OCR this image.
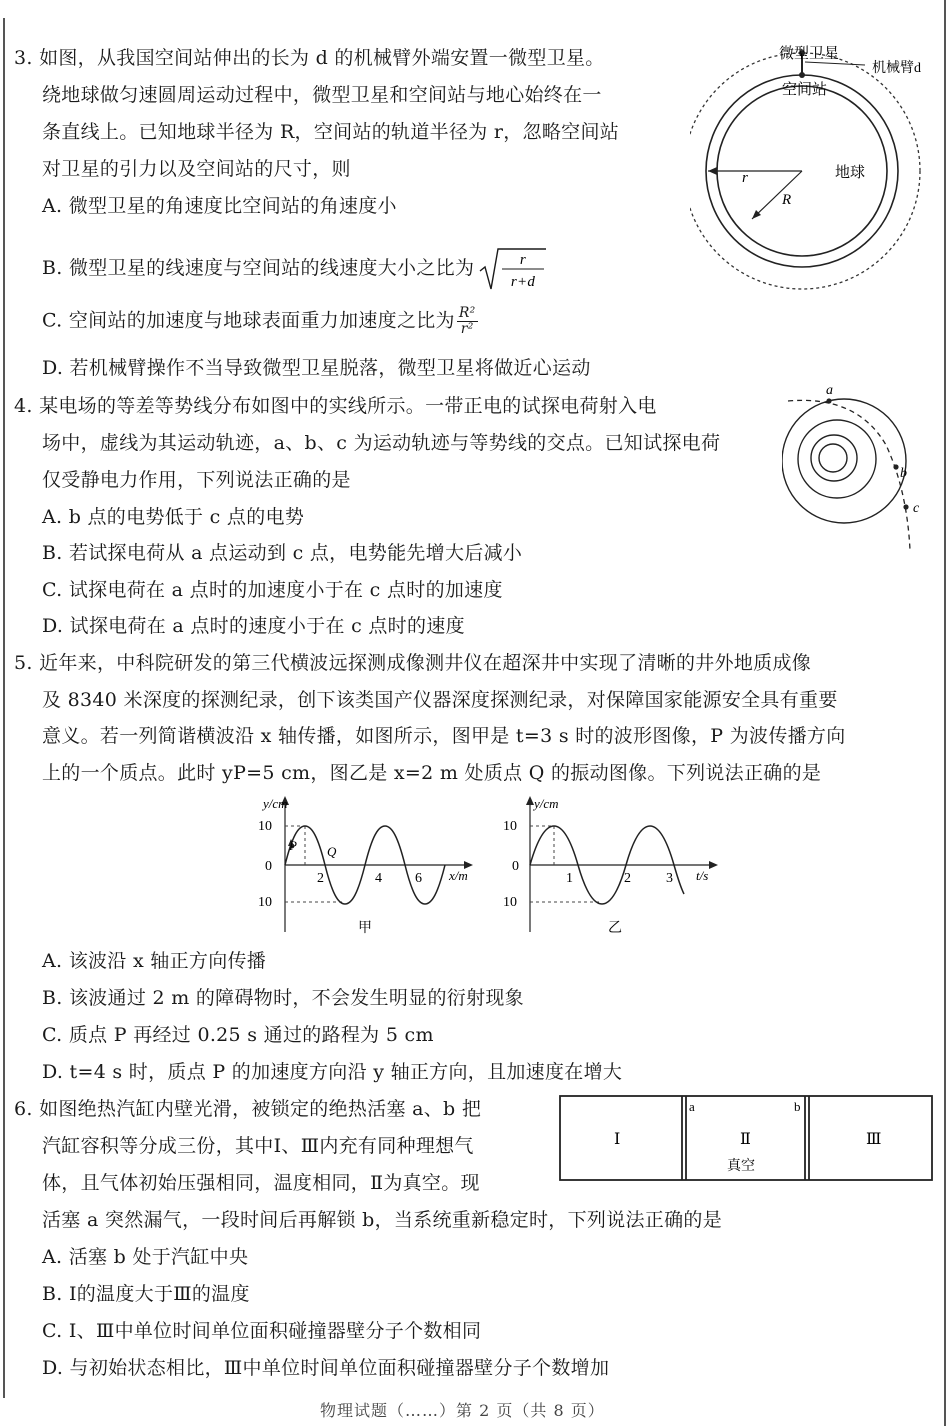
3. 如图，从我国空间站伸出的长为 d 的机械臂外端安置一微型卫星。
绕地球做匀速圆周运动过程中，微型卫星和空间站与地心始终在一
条直线上。已知地球半径为 R，空间站的轨道半径为 r，忽略空间站
对卫星的引力以及空间站的尺寸，则
A. 微型卫星的角速度比空间站的角速度小
B. 微型卫星的线速度与空间站的线速度大小之比为	r
r+d
C. 空间站的加速度与地球表面重力加速度之比为 $\frac{\text{R²}}{\text{r²}}$
D. 若机械臂操作不当导致微型卫星脱落，微型卫星将做近心运动
微型卫星
机械臂d
空间站
地球
r
R
4. 某电场的等差等势线分布如图中的实线所示。一带正电的试探电荷射入电
场中，虚线为其运动轨迹，a、b、c 为运动轨迹与等势线的交点。已知试探电荷
仅受静电力作用，下列说法正确的是
A. b 点的电势低于 c 点的电势
B. 若试探电荷从 a 点运动到 c 点，电势能先增大后减小
C. 试探电荷在 a 点时的加速度小于在 c 点时的加速度
D. 试探电荷在 a 点时的速度小于在 c 点时的速度
a
b
c
5. 近年来，中科院研发的第三代横波远探测成像测井仪在超深井中实现了清晰的井外地质成像
及 8340 米深度的探测纪录，创下该类国产仪器深度探测纪录，对保障国家能源安全具有重要
意义。若一列简谐横波沿 x 轴传播，如图所示，图甲是 t=3 s 时的波形图像，P 为波传播方向
上的一个质点。此时 yP=5 cm，图乙是 x=2 m 处质点 Q 的振动图像。下列说法正确的是
y/cm
x/m
10
0
10
2	4 6
P Q
甲
y/cm
t/s
10
0
10
1	2	3
乙
A. 该波沿 x 轴正方向传播
B. 该波通过 2 m 的障碍物时，不会发生明显的衍射现象
C. 质点 P 再经过 0.25 s 通过的路程为 5 cm
D. t=4 s 时，质点 P 的加速度方向沿 y 轴正方向，且加速度在增大
6. 如图绝热汽缸内壁光滑，被锁定的绝热活塞 a、b 把
汽缸容积等分成三份，其中Ⅰ、Ⅲ内充有同种理想气
体，且气体初始压强相同，温度相同，Ⅱ为真空。现
活塞 a 突然漏气，一段时间后再解锁 b，当系统重新稳定时，下列说法正确的是
a	b
Ⅰ	Ⅱ
真空
Ⅲ
A. 活塞 b 处于汽缸中央
B. Ⅰ的温度大于Ⅲ的温度
C. Ⅰ、Ⅲ中单位时间单位面积碰撞器壁分子个数相同
D. 与初始状态相比，Ⅲ中单位时间单位面积碰撞器壁分子个数增加
物理试题（……）第 2 页（共 8 页）
